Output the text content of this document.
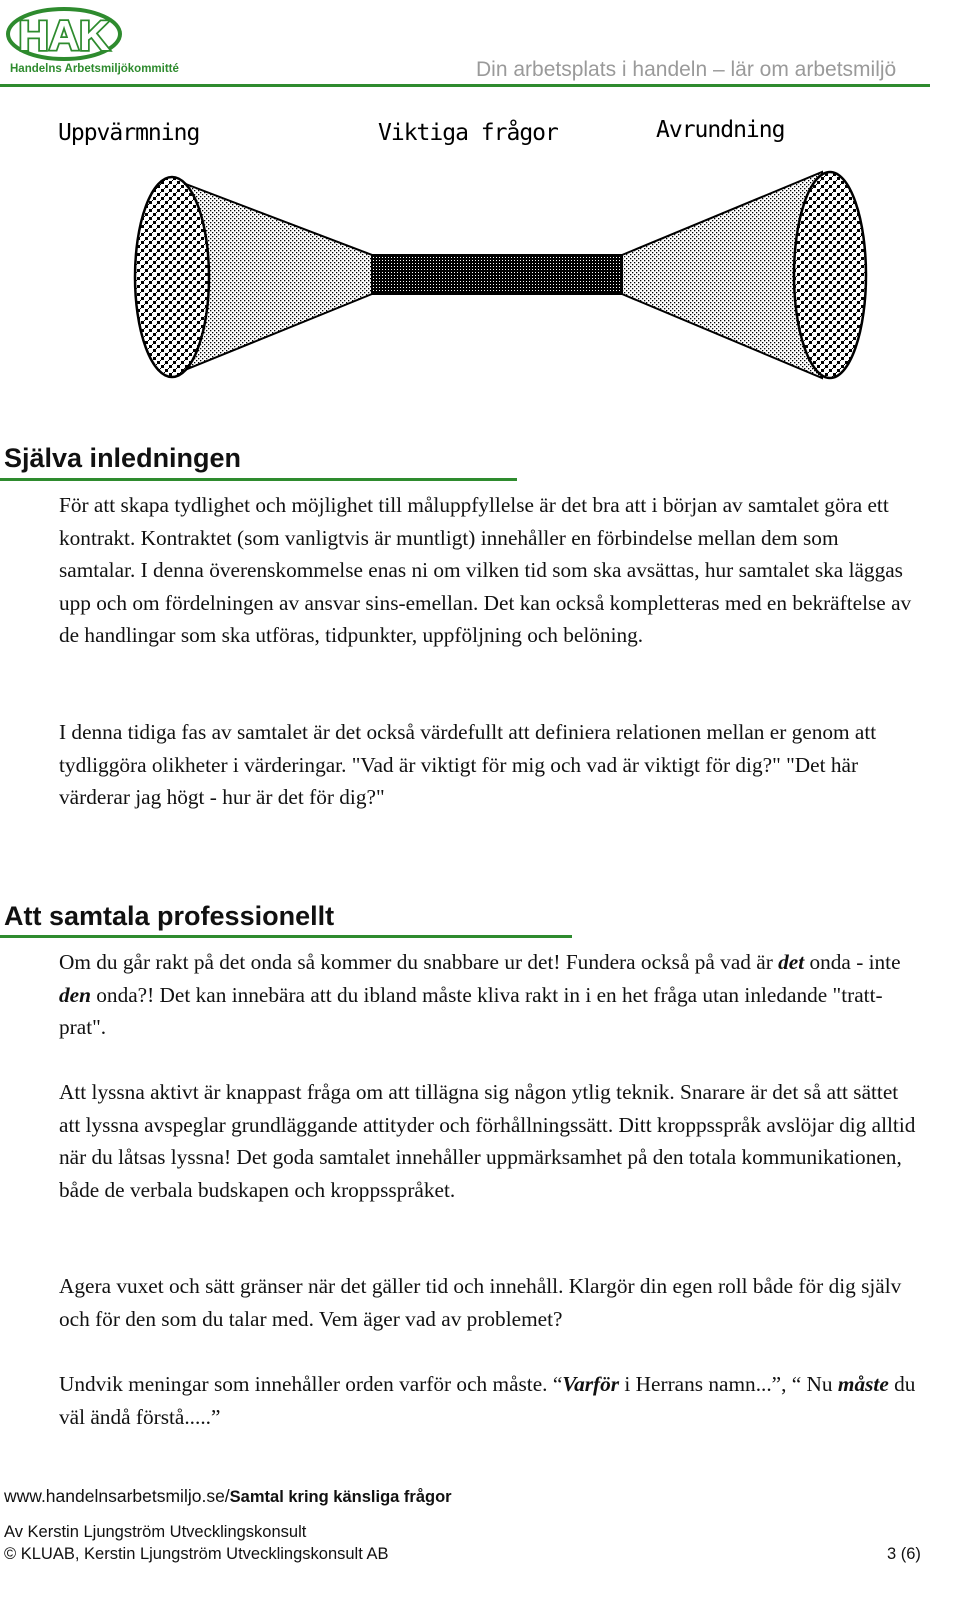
HAK
Handelns Arbetsmiljökommitté	Din arbetsplats i handeln – lär om arbetsmiljö
Uppvärmning	Viktiga frågor	Avrundning
Själva inledningen

För att skapa tydlighet och möjlighet till måluppfyllelse är det bra att i början av samtalet göra ett kontrakt. Kontraktet (som vanligtvis är muntligt) innehåller en förbindelse mellan dem som samtalar. I denna överenskommelse enas ni om vilken tid som ska avsättas, hur samtalet ska läggas upp och om fördelningen av ansvar sins-emellan. Det kan också kompletteras med en bekräftelse av de handlingar som ska utföras, tidpunkter, uppföljning och belöning.

I denna tidiga fas av samtalet är det också värdefullt att definiera relationen mellan er genom att tydliggöra olikheter i värderingar. "Vad är viktigt för mig och vad är viktigt för dig?" "Det här värderar jag högt - hur är det för dig?"

Att samtala professionellt

Om du går rakt på det onda så kommer du snabbare ur det! Fundera också på vad är det onda - inte den onda?! Det kan innebära att du ibland måste kliva rakt in i en het fråga utan inledande "tratt-prat".

Att lyssna aktivt är knappast fråga om att tillägna sig någon ytlig teknik. Snarare är det så att sättet att lyssna avspeglar grundläggande attityder och förhållningssätt. Ditt kroppsspråk avslöjar dig alltid när du låtsas lyssna! Det goda samtalet innehåller uppmärksamhet på den totala kommunikationen, både de verbala budskapen och kroppsspråket.

Agera vuxet och sätt gränser när det gäller tid och innehåll. Klargör din egen roll både för dig själv och för den som du talar med. Vem äger vad av problemet?

Undvik meningar som innehåller orden varför och måste. “Varför i Herrans namn...”, “ Nu måste du väl ändå förstå.....”

www.handelnsarbetsmiljo.se/Samtal kring känsliga frågor
Av Kerstin Ljungström Utvecklingskonsult
© KLUAB, Kerstin Ljungström Utvecklingskonsult AB	3 (6)
